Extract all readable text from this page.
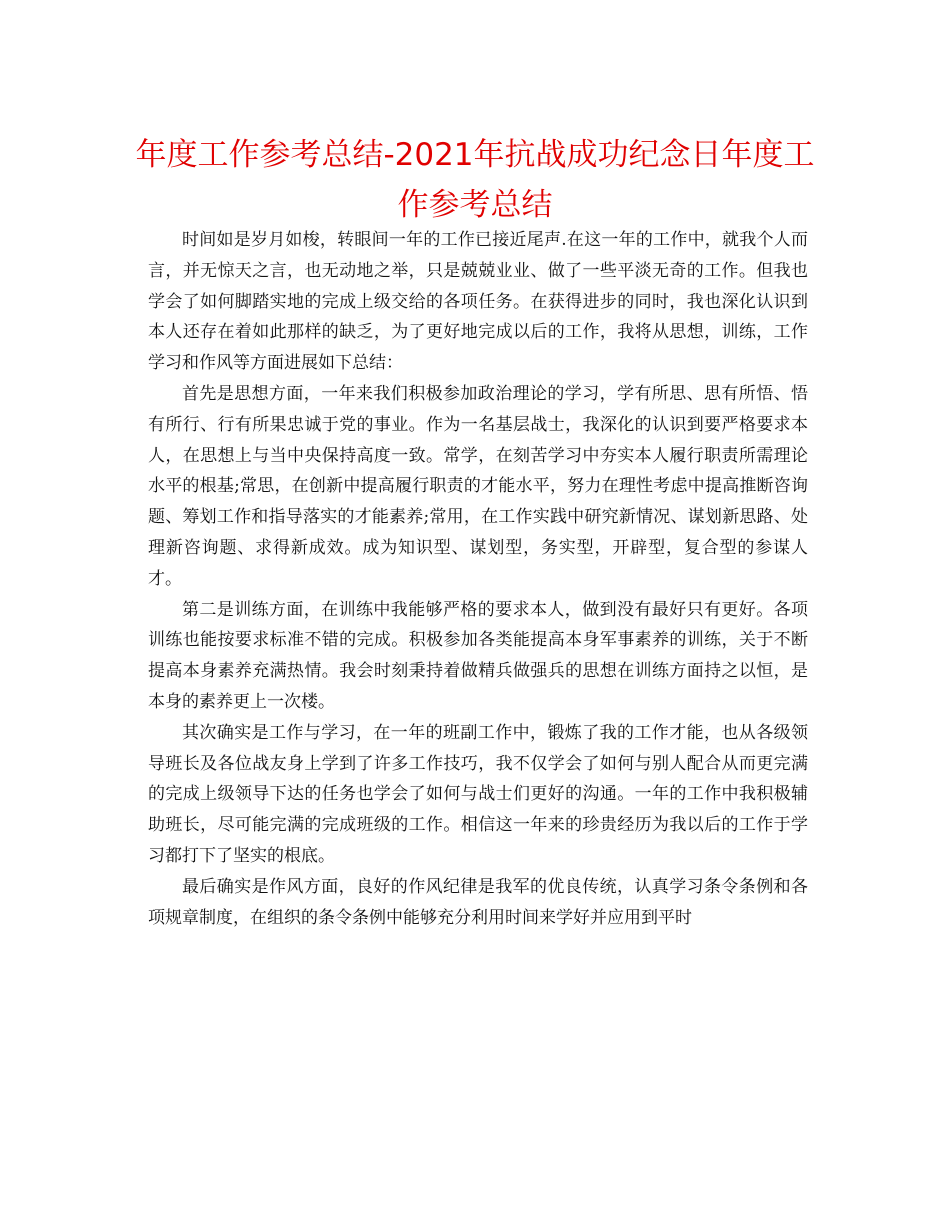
年度工作参考总结-2021年抗战成功纪念日年度工作参考总结

时间如是岁月如梭，转眼间一年的工作已接近尾声.在这一年的工作中，就我个人而言，并无惊天之言，也无动地之举，只是兢兢业业、做了一些平淡无奇的工作。但我也学会了如何脚踏实地的完成上级交给的各项任务。在获得进步的同时，我也深化认识到本人还存在着如此那样的缺乏，为了更好地完成以后的工作，我将从思想，训练，工作学习和作风等方面进展如下总结：

首先是思想方面，一年来我们积极参加政治理论的学习，学有所思、思有所悟、悟有所行、行有所果忠诚于党的事业。作为一名基层战士，我深化的认识到要严格要求本人，在思想上与当中央保持高度一致。常学，在刻苦学习中夯实本人履行职责所需理论水平的根基;常思，在创新中提高履行职责的才能水平，努力在理性考虑中提高推断咨询题、筹划工作和指导落实的才能素养;常用，在工作实践中研究新情况、谋划新思路、处理新咨询题、求得新成效。成为知识型、谋划型，务实型，开辟型，复合型的参谋人才。

第二是训练方面，在训练中我能够严格的要求本人，做到没有最好只有更好。各项训练也能按要求标准不错的完成。积极参加各类能提高本身军事素养的训练，关于不断提高本身素养充满热情。我会时刻秉持着做精兵做强兵的思想在训练方面持之以恒，是本身的素养更上一次楼。

其次确实是工作与学习，在一年的班副工作中，锻炼了我的工作才能，也从各级领导班长及各位战友身上学到了许多工作技巧，我不仅学会了如何与别人配合从而更完满的完成上级领导下达的任务也学会了如何与战士们更好的沟通。一年的工作中我积极辅助班长，尽可能完满的完成班级的工作。相信这一年来的珍贵经历为我以后的工作于学习都打下了坚实的根底。

最后确实是作风方面，良好的作风纪律是我军的优良传统，认真学习条令条例和各项规章制度，在组织的条令条例中能够充分利用时间来学好并应用到平时
